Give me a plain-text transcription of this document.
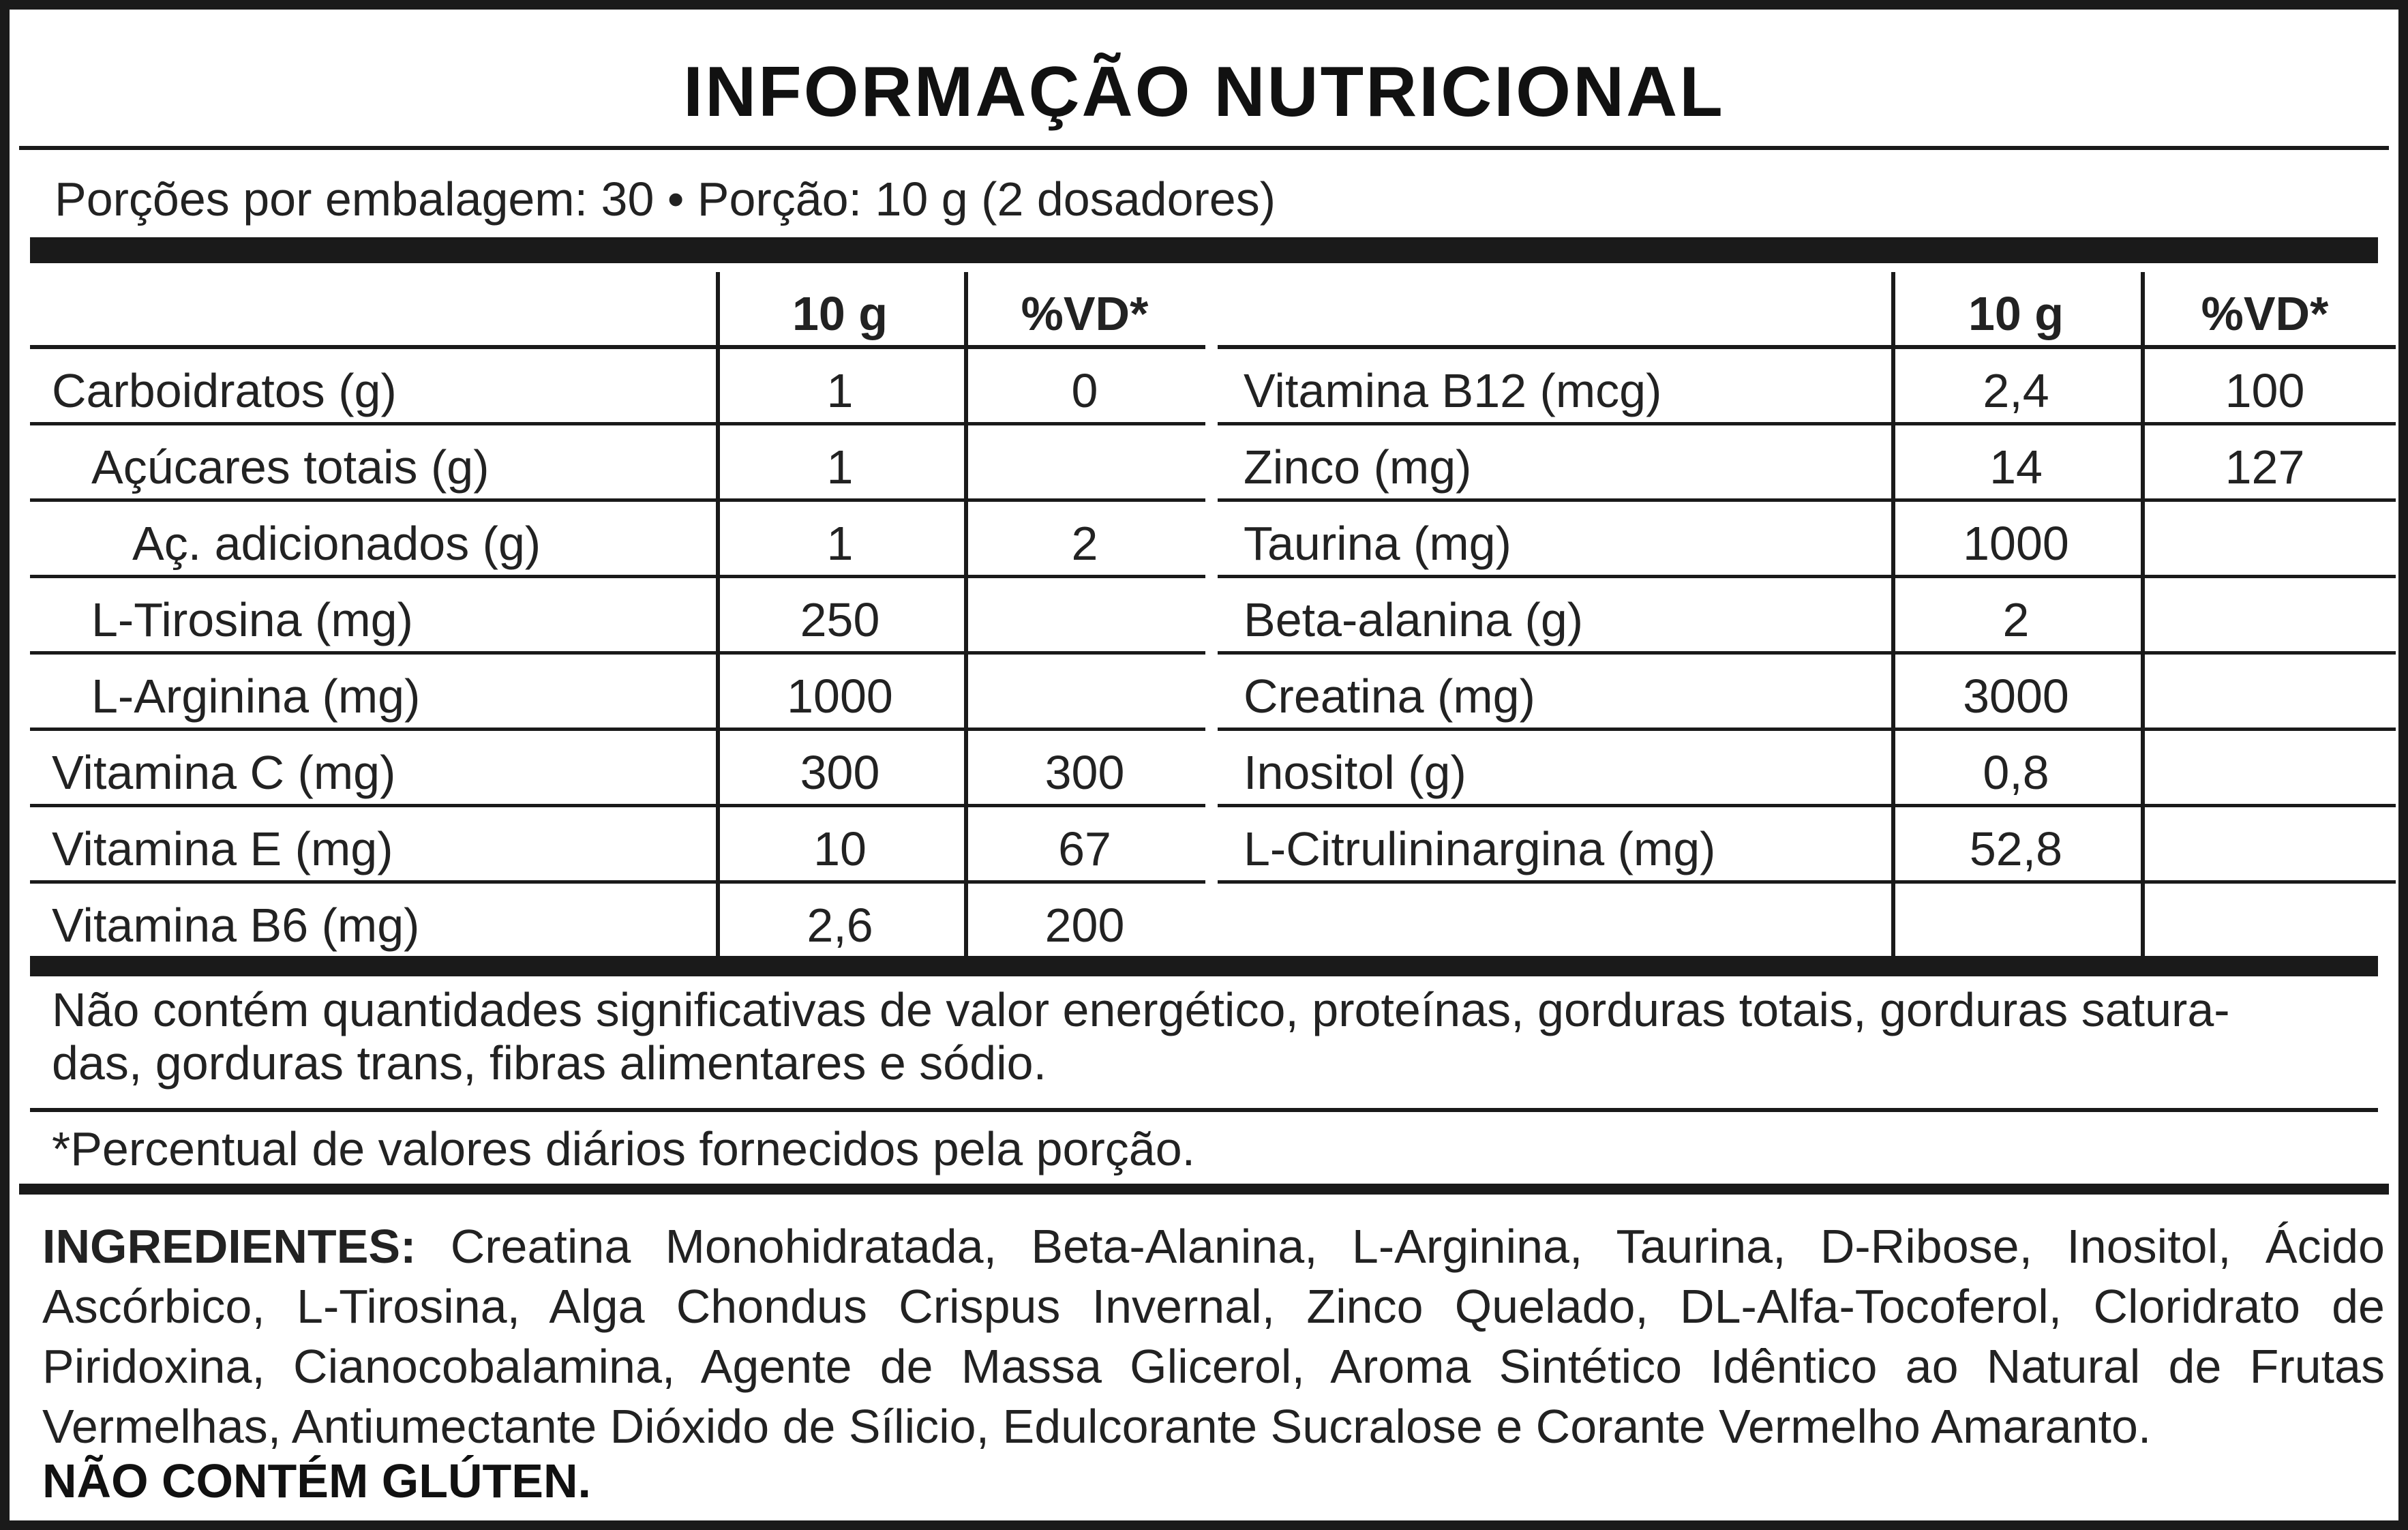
INFORMAÇÃO NUTRICIONAL
Porções por embalagem: 30 • Porção: 10 g (2 dosadores)
10 g	%VD*	10 g	%VD*
Carboidratos (g)	1	0
Açúcares totais (g)	1
Aç. adicionados (g)	1	2
L-Tirosina (mg)	250
L-Arginina (mg)	1000
Vitamina C (mg)	300	300
Vitamina E (mg)	10	67
Vitamina B6 (mg)	2,6	200
Vitamina B12 (mcg)	2,4	100
Zinco (mg)	14	127
Taurina (mg)	1000
Beta-alanina (g)	2
Creatina (mg)	3000
Inositol (g)	0,8
L-Citrulininargina (mg)	52,8
Não contém quantidades significativas de valor energético, proteínas, gorduras totais, gorduras satura-
das, gorduras trans, fibras alimentares e sódio.
*Percentual de valores diários fornecidos pela porção.
INGREDIENTES: Creatina Monohidratada, Beta-Alanina, L-Arginina, Taurina, D-Ribose, Inositol, Ácido Ascórbico, L-Tirosina, Alga Chondus Crispus Invernal, Zinco Quelado, DL-Alfa-Tocoferol, Cloridrato de Piridoxina, Cianocobalamina, Agente de Massa Glicerol, Aroma Sintético Idêntico ao Natural de Frutas Vermelhas, Antiumectante Dióxido de Sílicio, Edulcorante Sucralose e Corante Vermelho Amaranto.
NÃO CONTÉM GLÚTEN.
